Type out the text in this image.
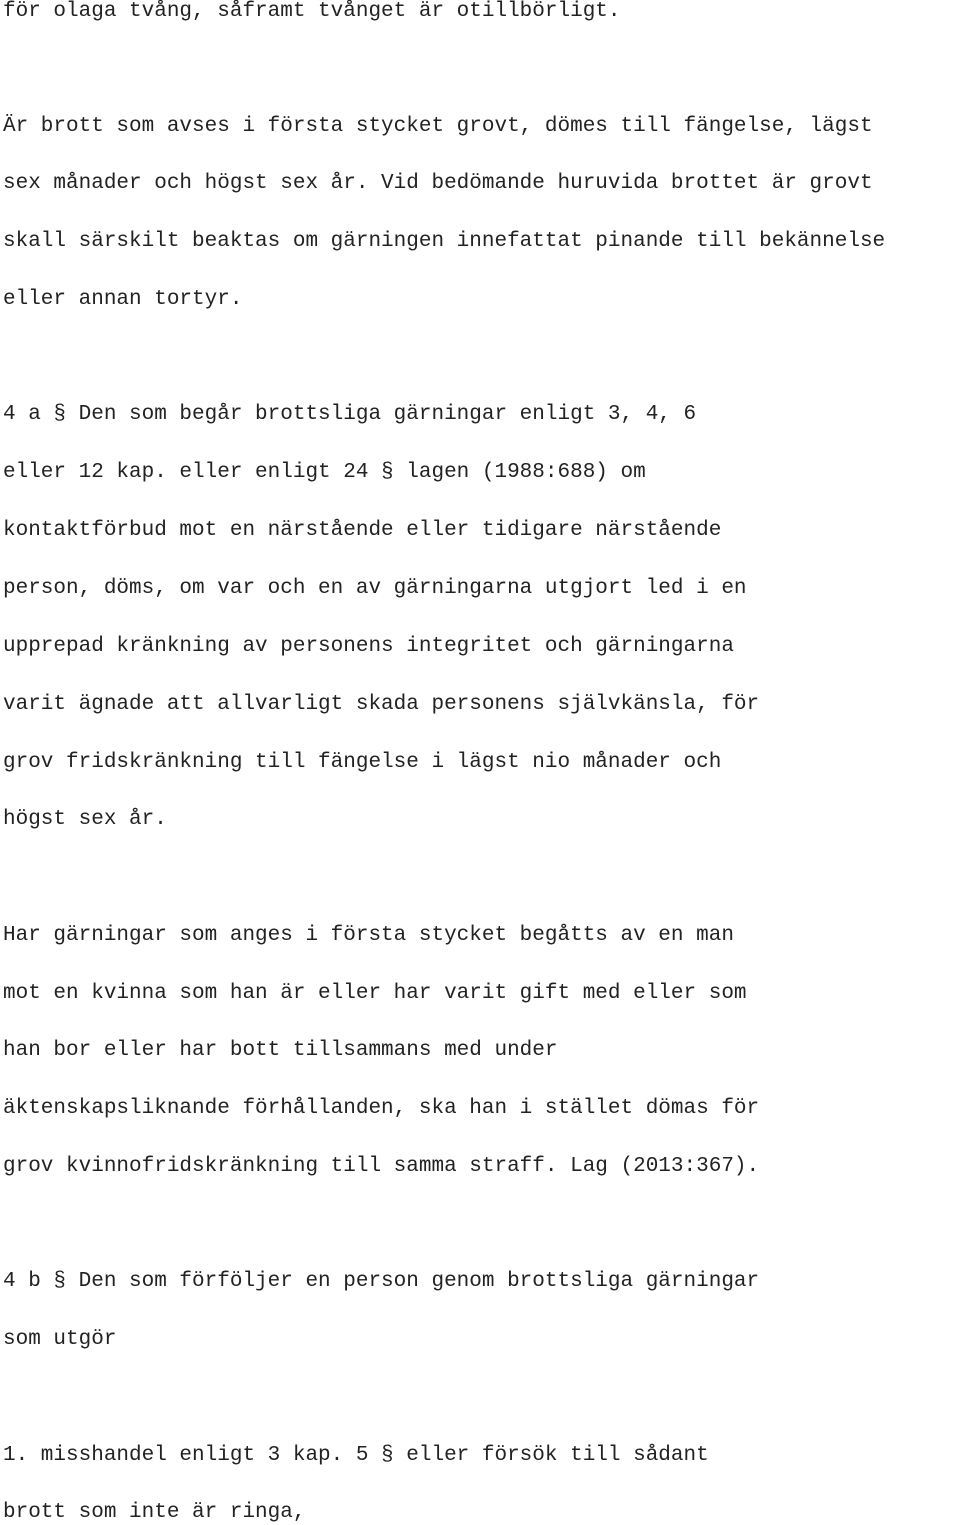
för olaga tvång, såframt tvånget är otillbörligt.

Är brott som avses i första stycket grovt, dömes till fängelse, lägst

sex månader och högst sex år. Vid bedömande huruvida brottet är grovt

skall särskilt beaktas om gärningen innefattat pinande till bekännelse

eller annan tortyr.

4 a § Den som begår brottsliga gärningar enligt 3, 4, 6

eller 12 kap. eller enligt 24 § lagen (1988:688) om

kontaktförbud mot en närstående eller tidigare närstående

person, döms, om var och en av gärningarna utgjort led i en

upprepad kränkning av personens integritet och gärningarna

varit ägnade att allvarligt skada personens självkänsla, för

grov fridskränkning till fängelse i lägst nio månader och

högst sex år.

Har gärningar som anges i första stycket begåtts av en man

mot en kvinna som han är eller har varit gift med eller som

han bor eller har bott tillsammans med under

äktenskapsliknande förhållanden, ska han i stället dömas för

grov kvinnofridskränkning till samma straff. Lag (2013:367).

4 b § Den som förföljer en person genom brottsliga gärningar

som utgör

1. misshandel enligt 3 kap. 5 § eller försök till sådant

brott som inte är ringa,
